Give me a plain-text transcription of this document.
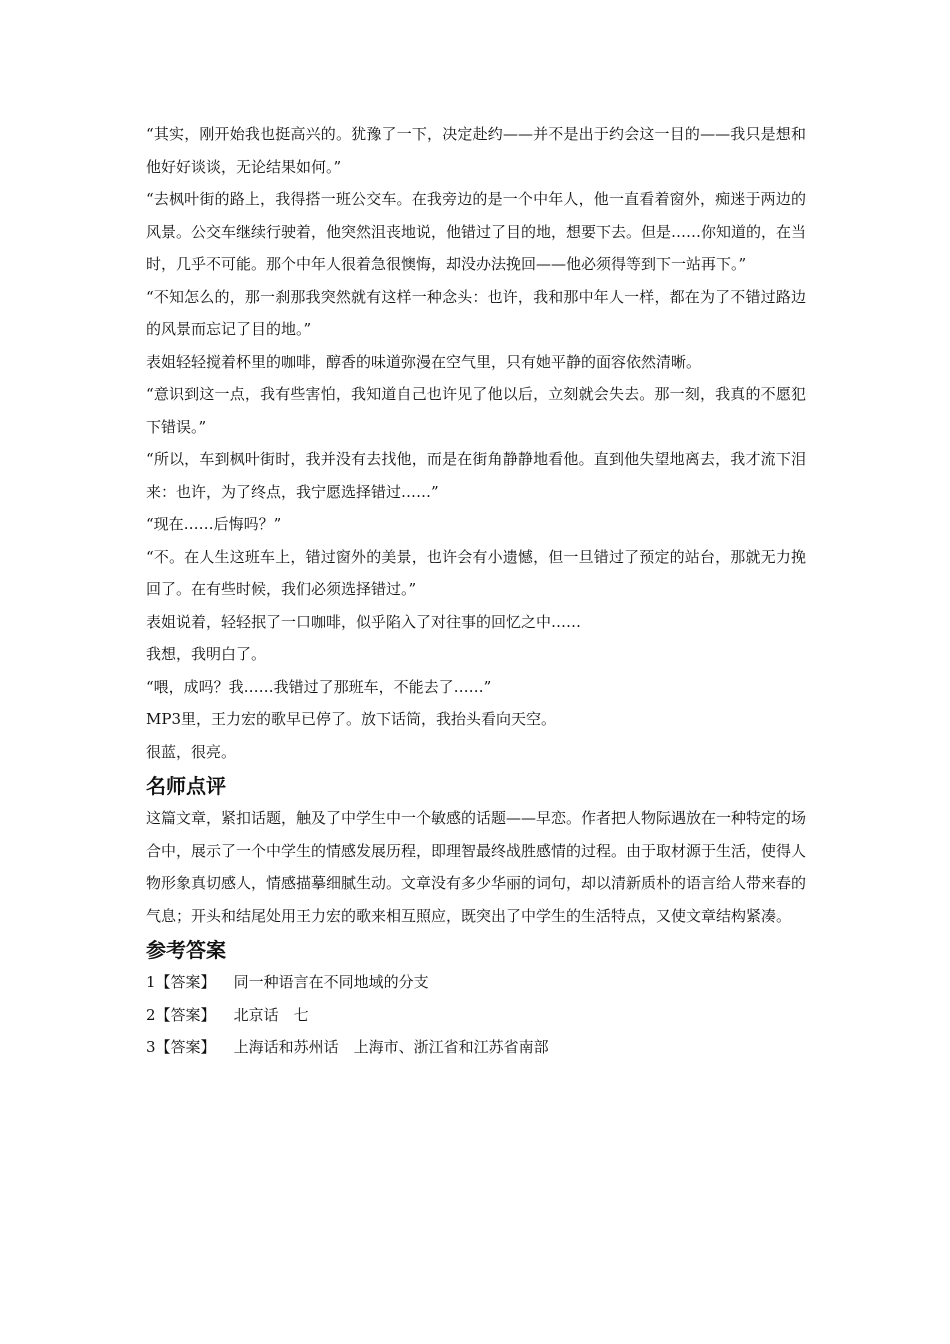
“其实，刚开始我也挺高兴的。犹豫了一下，决定赴约——并不是出于约会这一目的——我只是想和他好好谈谈，无论结果如何。”

“去枫叶街的路上，我得搭一班公交车。在我旁边的是一个中年人，他一直看着窗外，痴迷于两边的风景。公交车继续行驶着，他突然沮丧地说，他错过了目的地，想要下去。但是……你知道的，在当时，几乎不可能。那个中年人很着急很懊悔，却没办法挽回——他必须得等到下一站再下。”

“不知怎么的，那一刹那我突然就有这样一种念头：也许，我和那中年人一样，都在为了不错过路边的风景而忘记了目的地。”

表姐轻轻搅着杯里的咖啡，醇香的味道弥漫在空气里，只有她平静的面容依然清晰。

“意识到这一点，我有些害怕，我知道自己也许见了他以后，立刻就会失去。那一刻，我真的不愿犯下错误。”

“所以，车到枫叶街时，我并没有去找他，而是在街角静静地看他。直到他失望地离去，我才流下泪来：也许，为了终点，我宁愿选择错过……”

“现在……后悔吗？”

“不。在人生这班车上，错过窗外的美景，也许会有小遗憾，但一旦错过了预定的站台，那就无力挽回了。在有些时候，我们必须选择错过。”

表姐说着，轻轻抿了一口咖啡，似乎陷入了对往事的回忆之中……

我想，我明白了。

“喂，成吗？我……我错过了那班车，不能去了……”

MP3里，王力宏的歌早已停了。放下话筒，我抬头看向天空。

很蓝，很亮。

名师点评

这篇文章，紧扣话题，触及了中学生中一个敏感的话题——早恋。作者把人物际遇放在一种特定的场合中，展示了一个中学生的情感发展历程，即理智最终战胜感情的过程。由于取材源于生活，使得人物形象真切感人，情感描摹细腻生动。文章没有多少华丽的词句，却以清新质朴的语言给人带来春的气息；开头和结尾处用王力宏的歌来相互照应，既突出了中学生的生活特点，又使文章结构紧凑。

参考答案
1【答案】 同一种语言在不同地域的分支
2【答案】 北京话　七
3【答案】 上海话和苏州话　上海市、浙江省和江苏省南部
